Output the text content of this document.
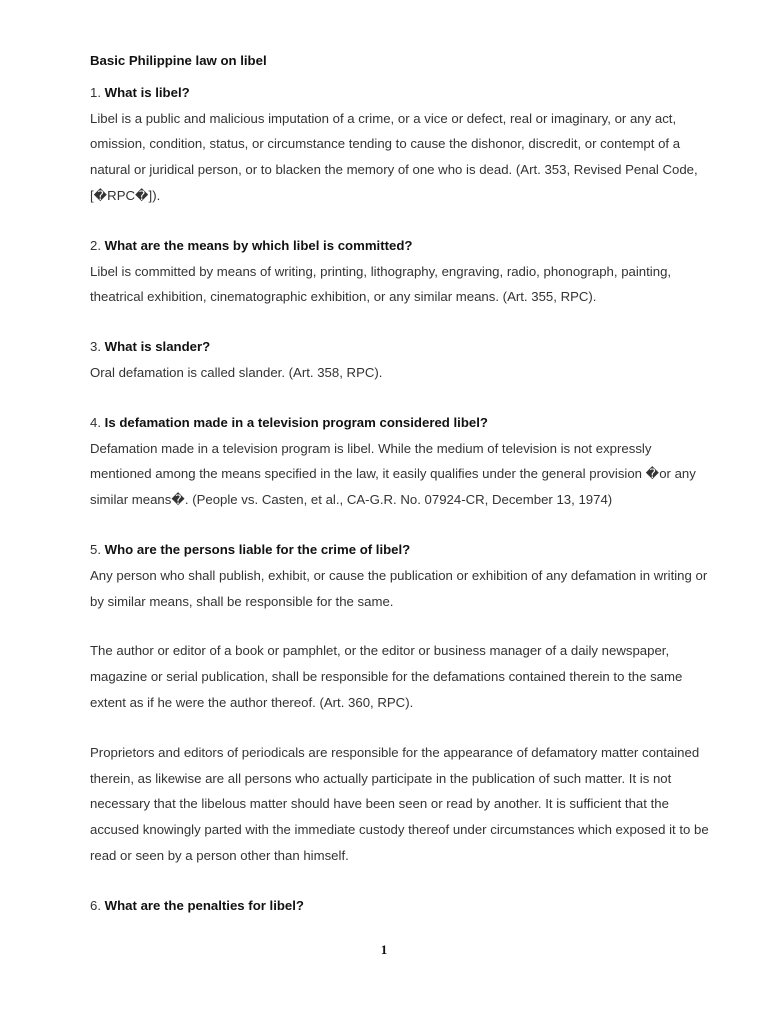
Basic Philippine law on libel

1. What is libel?

Libel is a public and malicious imputation of a crime, or a vice or defect, real or imaginary, or any act, omission, condition, status, or circumstance tending to cause the dishonor, discredit, or contempt of a natural or juridical person, or to blacken the memory of one who is dead. (Art. 353, Revised Penal Code, [�RPC�]).

2. What are the means by which libel is committed?

Libel is committed by means of writing, printing, lithography, engraving, radio, phonograph, painting, theatrical exhibition, cinematographic exhibition, or any similar means. (Art. 355, RPC).

3. What is slander?

Oral defamation is called slander. (Art. 358, RPC).

4. Is defamation made in a television program considered libel?

Defamation made in a television program is libel. While the medium of television is not expressly mentioned among the means specified in the law, it easily qualifies under the general provision �or any similar means�. (People vs. Casten, et al., CA-G.R. No. 07924-CR, December 13, 1974)

5. Who are the persons liable for the crime of libel?

Any person who shall publish, exhibit, or cause the publication or exhibition of any defamation in writing or by similar means, shall be responsible for the same.

The author or editor of a book or pamphlet, or the editor or business manager of a daily newspaper, magazine or serial publication, shall be responsible for the defamations contained therein to the same extent as if he were the author thereof. (Art. 360, RPC).

Proprietors and editors of periodicals are responsible for the appearance of defamatory matter contained therein, as likewise are all persons who actually participate in the publication of such matter. It is not necessary that the libelous matter should have been seen or read by another. It is sufficient that the accused knowingly parted with the immediate custody thereof under circumstances which exposed it to be read or seen by a person other than himself.

6. What are the penalties for libel?

1
